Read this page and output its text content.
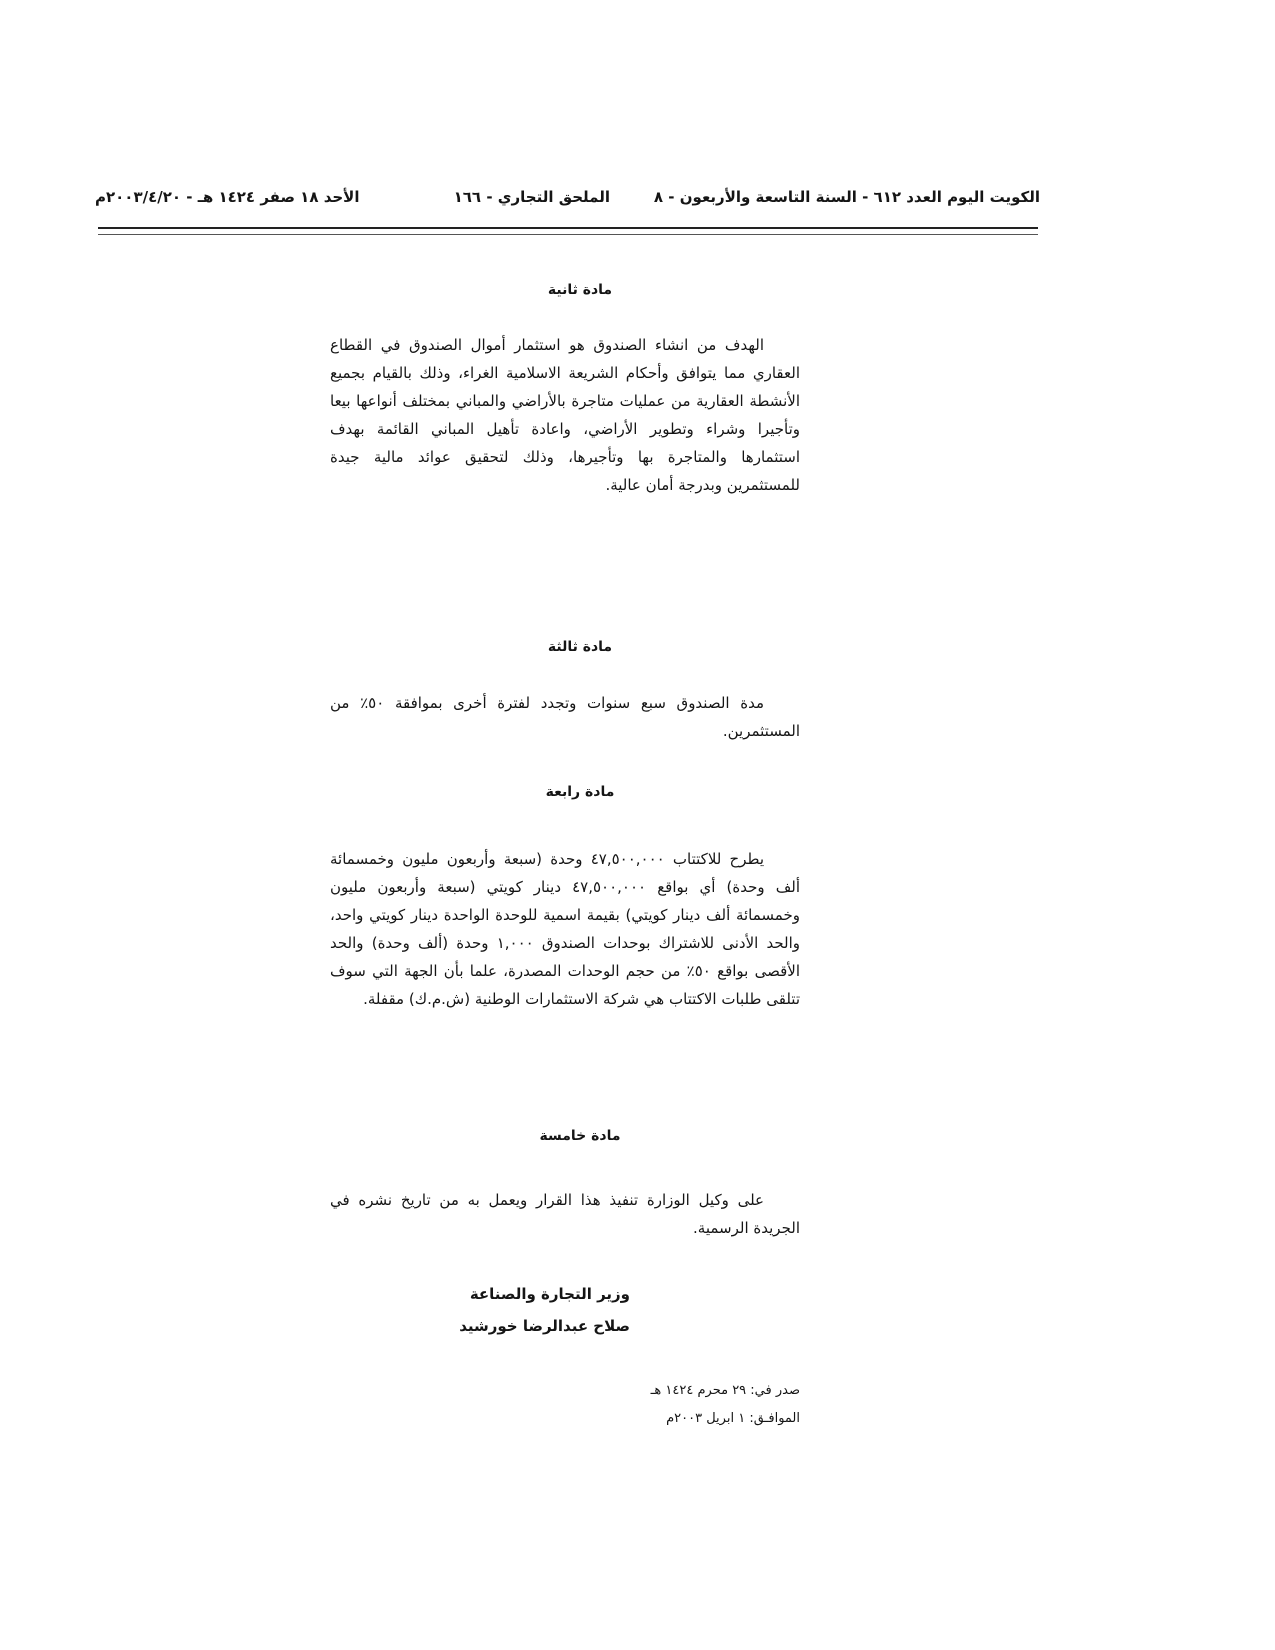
الكويت اليوم العدد ٦١٢ - السنة التاسعة والأربعون - ٨
الملحق التجاري - ١٦٦
الأحد ١٨ صفر ١٤٢٤ هـ - ٢٠٠٣/٤/٢٠م
مادة ثانية

الهدف من انشاء الصندوق هو استثمار أموال الصندوق في القطاع العقاري مما يتوافق وأحكام الشريعة الاسلامية الغراء، وذلك بالقيام بجميع الأنشطة العقارية من عمليات متاجرة بالأراضي والمباني بمختلف أنواعها بيعا وتأجيرا وشراء وتطوير الأراضي، واعادة تأهيل المباني القائمة بهدف استثمارها والمتاجرة بها وتأجيرها، وذلك لتحقيق عوائد مالية جيدة للمستثمرين وبدرجة أمان عالية.

مادة ثالثة

مدة الصندوق سبع سنوات وتجدد لفترة أخرى بموافقة ٥٠٪ من المستثمرين.

مادة رابعة

يطرح للاكتتاب ٤٧,٥٠٠,٠٠٠ وحدة (سبعة وأربعون مليون وخمسمائة ألف وحدة) أي بواقع ٤٧,٥٠٠,٠٠٠ دينار كويتي (سبعة وأربعون مليون وخمسمائة ألف دينار كويتي) بقيمة اسمية للوحدة الواحدة دينار كويتي واحد، والحد الأدنى للاشتراك بوحدات الصندوق ١,٠٠٠ وحدة (ألف وحدة) والحد الأقصى بواقع ٥٠٪ من حجم الوحدات المصدرة، علما بأن الجهة التي سوف تتلقى طلبات الاكتتاب هي شركة الاستثمارات الوطنية (ش.م.ك) مقفلة.

مادة خامسة

على وكيل الوزارة تنفيذ هذا القرار ويعمل به من تاريخ نشره في الجريدة الرسمية.

وزير التجارة والصناعة
صلاح عبدالرضا خورشيد
صدر في: ٢٩ محرم ١٤٢٤ هـ
الموافـق: ١ ابريل ٢٠٠٣م
